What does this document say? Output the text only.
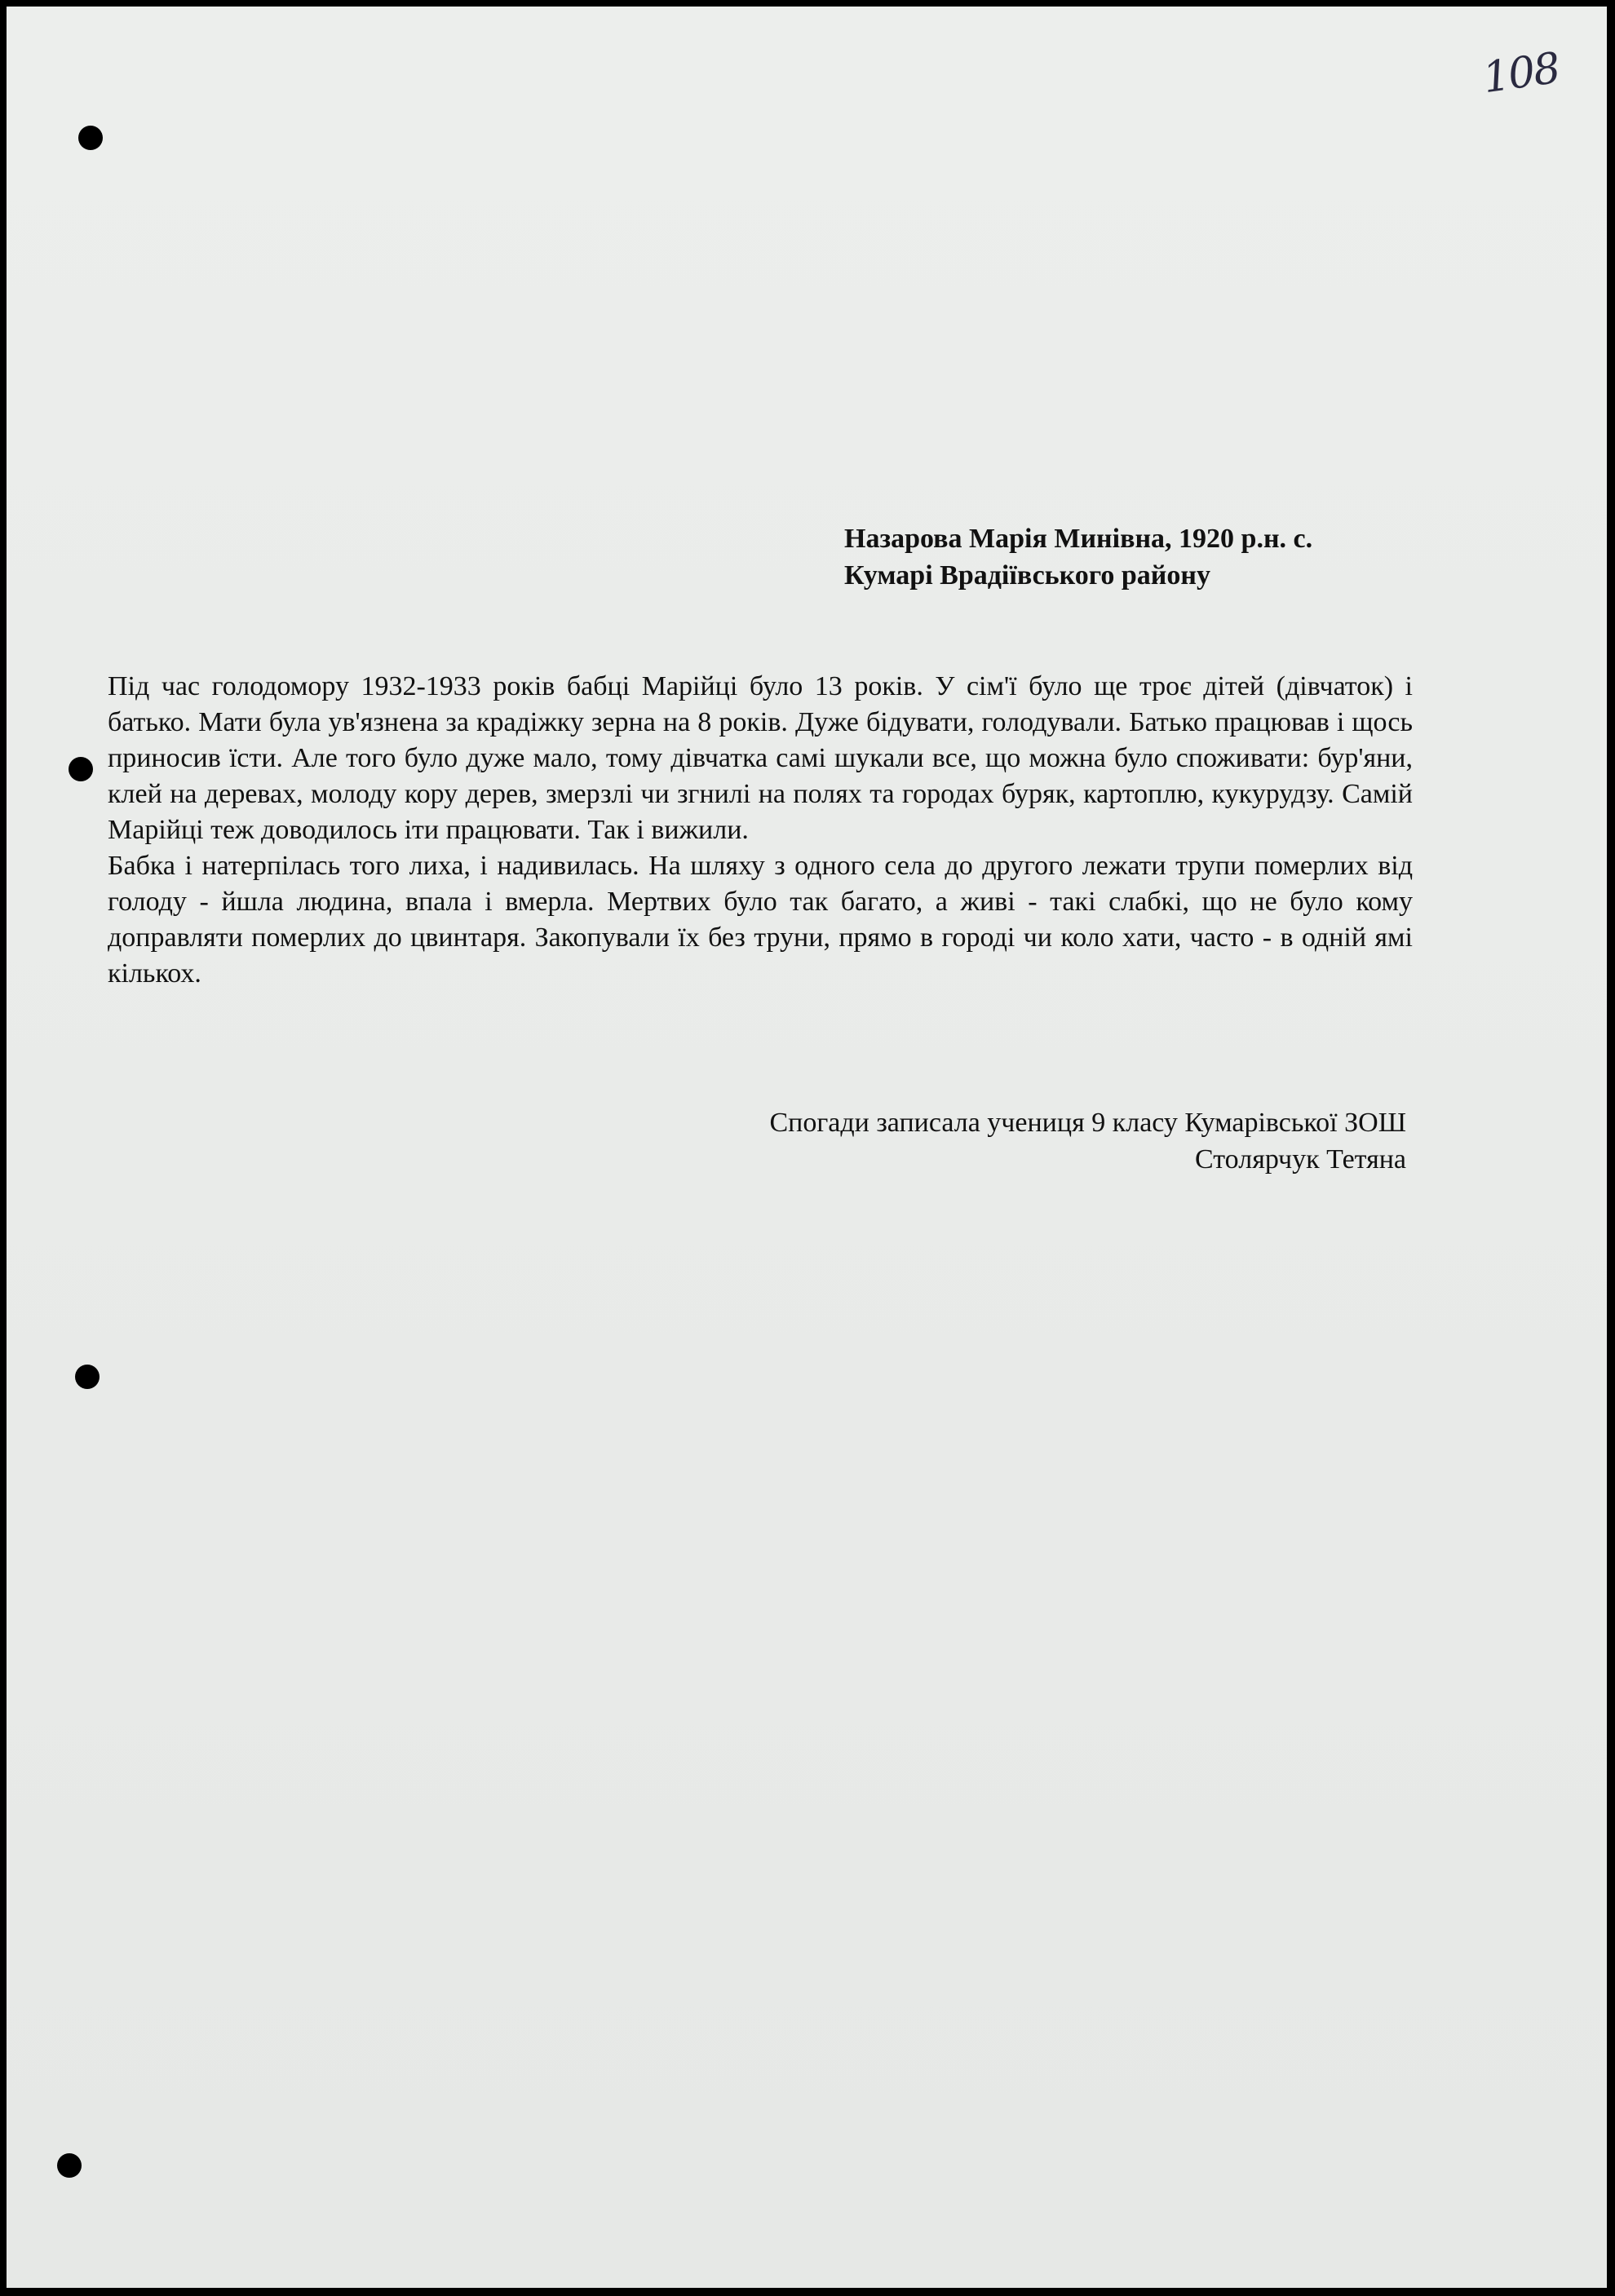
108
Назарова Марія Минівна, 1920 р.н. с.
Кумарі Врадіївського району

Під час голодомору 1932-1933 років бабці Марійці було 13 років. У сім'ї було ще троє дітей (дівчаток) і батько. Мати була ув'язнена за крадіжку зерна на 8 років. Дуже бідувати, голодували. Батько працював і щось приносив їсти. Але того було дуже мало, тому дівчатка самі шукали все, що можна було споживати: бур'яни, клей на деревах, молоду кору дерев, змерзлі чи згнилі на полях та городах буряк, картоплю, кукурудзу. Самій Марійці теж доводилось іти працювати. Так і вижили.

Бабка і натерпілась того лиха, і надивилась. На шляху з одного села до другого лежати трупи померлих від голоду - йшла людина, впала і вмерла. Мертвих було так багато, а живі - такі слабкі, що не було кому доправляти померлих до цвинтаря. Закопували їх без труни, прямо в городі чи коло хати, часто - в одній ямі кількох.

Спогади записала учениця 9 класу Кумарівської ЗОШ
Столярчук Тетяна
